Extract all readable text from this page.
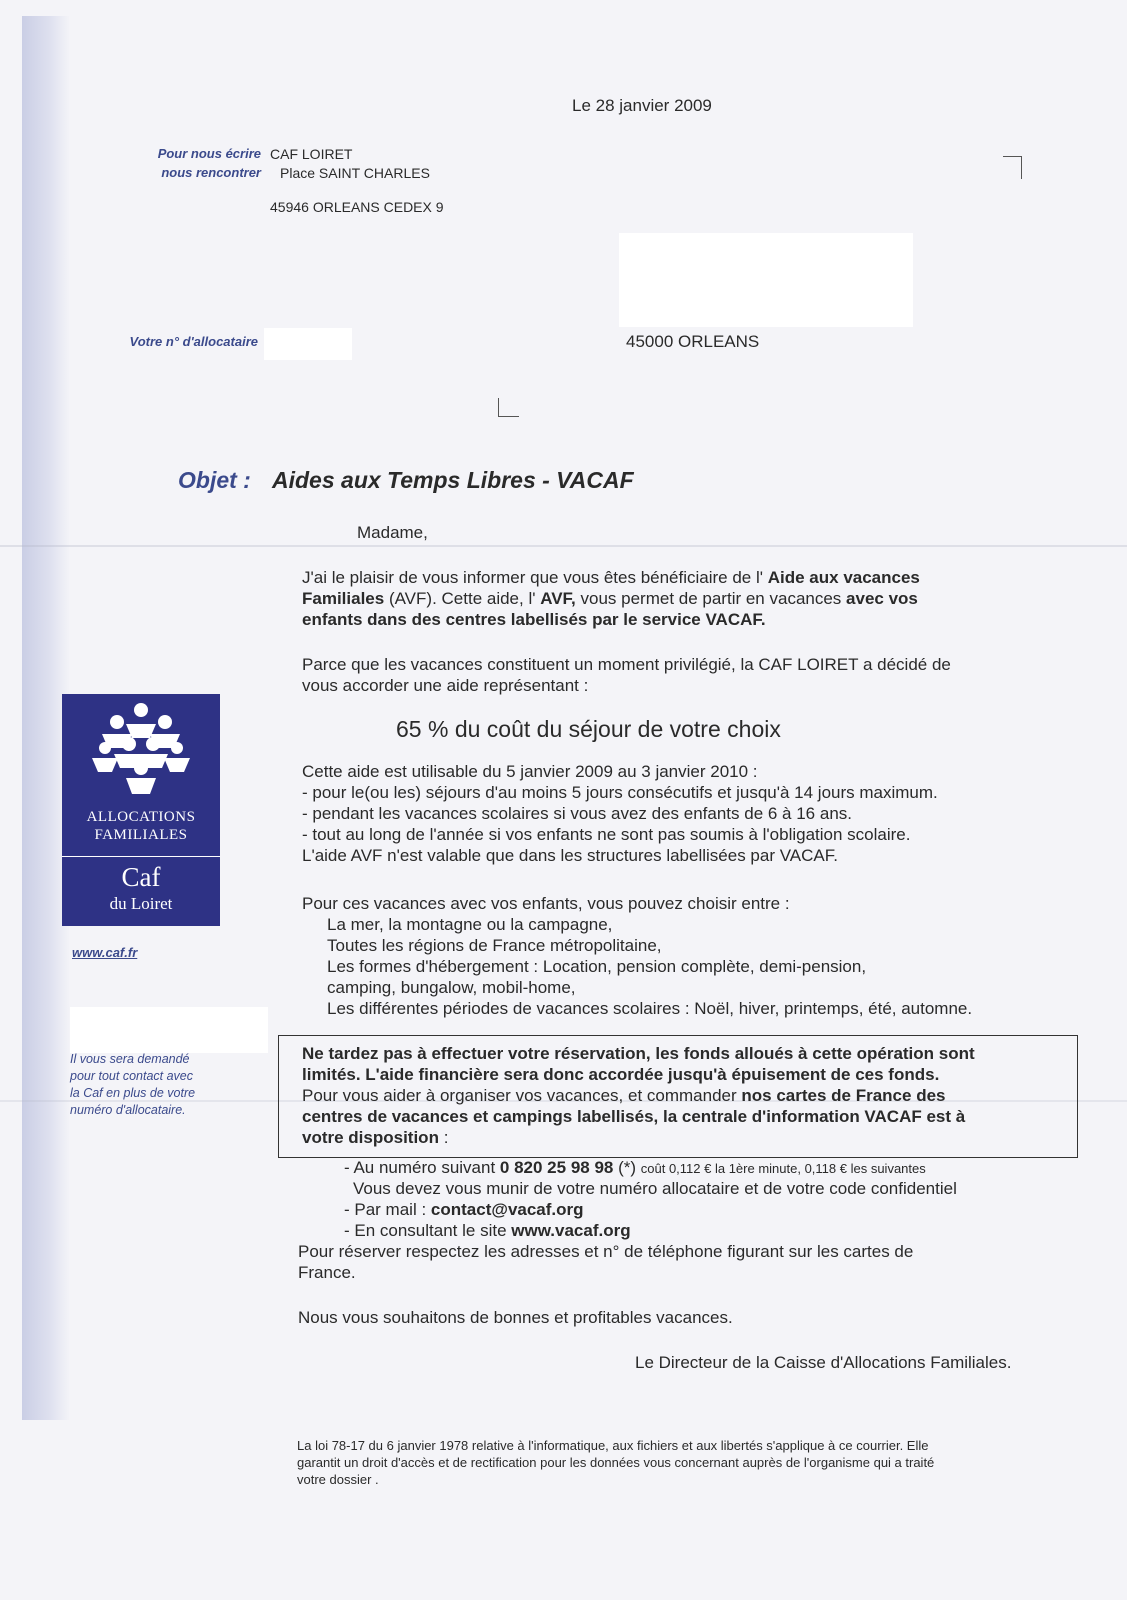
Le 28 janvier 2009
Pour nous écrire
nous rencontrer
CAF LOIRET
Place SAINT CHARLES
45946 ORLEANS CEDEX 9
45000 ORLEANS
Votre n° d'allocataire
Objet : Aides aux Temps Libres - VACAF
Madame,
J'ai le plaisir de vous informer que vous êtes bénéficiaire de l' Aide aux vacances
Familiales (AVF). Cette aide, l' AVF, vous permet de partir en vacances avec vos
enfants dans des centres labellisés par le service VACAF.
Parce que les vacances constituent un moment privilégié, la CAF LOIRET a décidé de
vous accorder une aide représentant :
65 % du coût du séjour de votre choix
Cette aide est utilisable du 5 janvier 2009 au 3 janvier 2010 :
- pour le(ou les) séjours d'au moins 5 jours consécutifs et jusqu'à 14 jours maximum.
- pendant les vacances scolaires si vous avez des enfants de 6 à 16 ans.
- tout au long de l'année si vos enfants ne sont pas soumis à l'obligation scolaire.
L'aide AVF n'est valable que dans les structures labellisées par VACAF.
Pour ces vacances avec vos enfants, vous pouvez choisir entre :
La mer, la montagne ou la campagne,
Toutes les régions de France métropolitaine,
Les formes d'hébergement : Location, pension complète, demi-pension,
camping, bungalow, mobil-home,
Les différentes périodes de vacances scolaires : Noël, hiver, printemps, été, automne.
Ne tardez pas à effectuer votre réservation, les fonds alloués à cette opération sont
limités. L'aide financière sera donc accordée jusqu'à épuisement de ces fonds.
Pour vous aider à organiser vos vacances, et commander nos cartes de France des
centres de vacances et campings labellisés, la centrale d'information VACAF est à
votre disposition :
- Au numéro suivant 0 820 25 98 98 (*) coût 0,112 € la 1ère minute, 0,118 € les suivantes
Vous devez vous munir de votre numéro allocataire et de votre code confidentiel
- Par mail : contact@vacaf.org
- En consultant le site www.vacaf.org
Pour réserver respectez les adresses et n° de téléphone figurant sur les cartes de
France.
Nous vous souhaitons de bonnes et profitables vacances.
Le Directeur de la Caisse d'Allocations Familiales.
ALLOCATIONS
FAMILIALES
Caf
du Loiret
www.caf.fr
Il vous sera demandé
pour tout contact avec
la Caf en plus de votre
numéro d'allocataire.
La loi 78-17 du 6 janvier 1978 relative à l'informatique, aux fichiers et aux libertés s'applique à ce courrier. Elle
garantit un droit d'accès et de rectification pour les données vous concernant auprès de l'organisme qui a traité
votre dossier .
